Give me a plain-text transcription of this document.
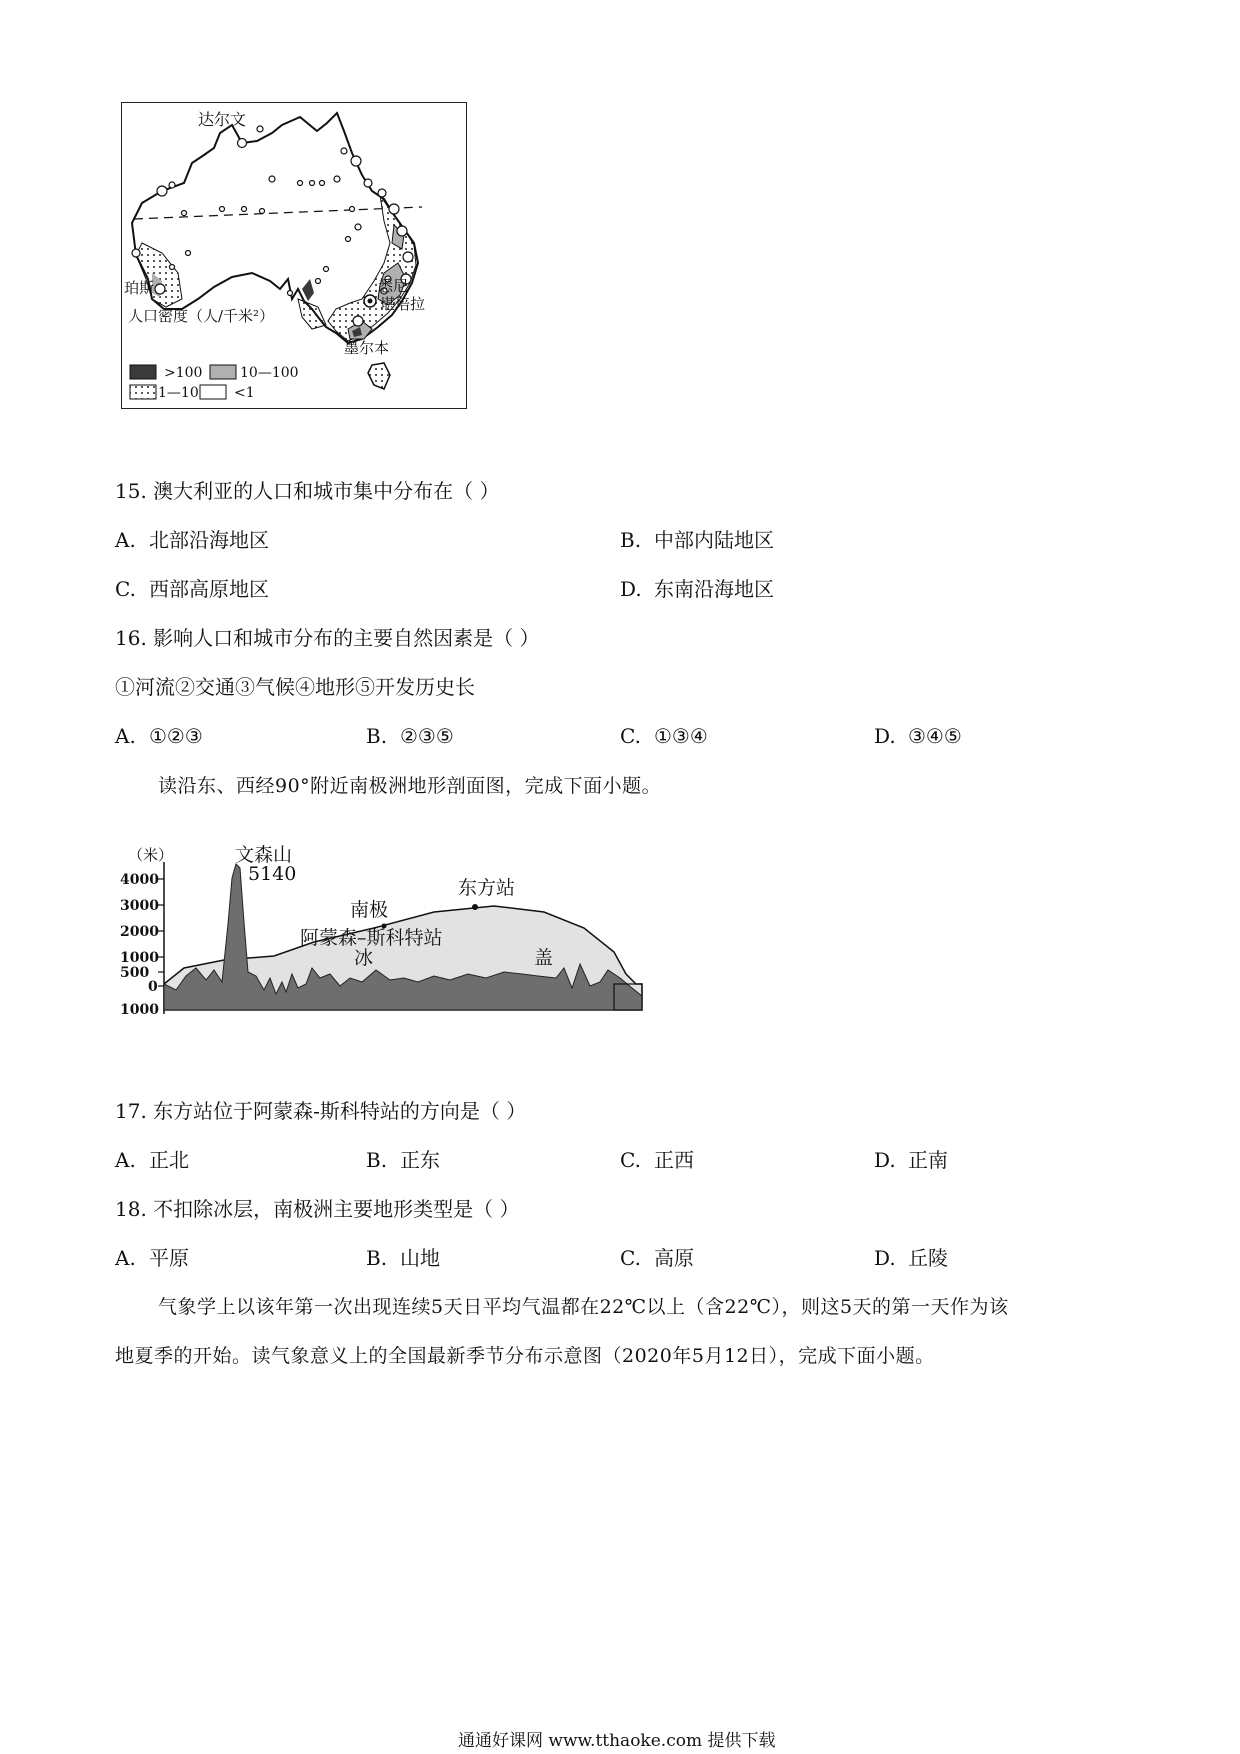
达尔文
珀斯	悉尼
堪培拉
墨尔本
人口密度（人/千米²）
>100	10—100
1—10	<1
15. 澳大利亚的人口和城市集中分布在（ ）
A. 北部沿海地区	B. 中部内陆地区
C. 西部高原地区	D. 东南沿海地区
16. 影响人口和城市分布的主要自然因素是（ ）
①河流②交通③气候④地形⑤开发历史长
A. ①②③	B. ②③⑤	C. ①③④	D. ③④⑤
读沿东、西经90°附近南极洲地形剖面图，完成下面小题。
（米）
4000
3000
2000
1000
500
0
1000
文森山
5140
南极
阿蒙森–斯科特站
东方站
冰	盖
17. 东方站位于阿蒙森-斯科特站的方向是（ ）
A. 正北	B. 正东	C. 正西	D. 正南
18. 不扣除冰层，南极洲主要地形类型是（ ）
A. 平原	B. 山地	C. 高原	D. 丘陵
气象学上以该年第一次出现连续5天日平均气温都在22℃以上（含22℃），则这5天的第一天作为该
地夏季的开始。读气象意义上的全国最新季节分布示意图（2020年5月12日），完成下面小题。
通通好课网 www.tthaoke.com 提供下载
